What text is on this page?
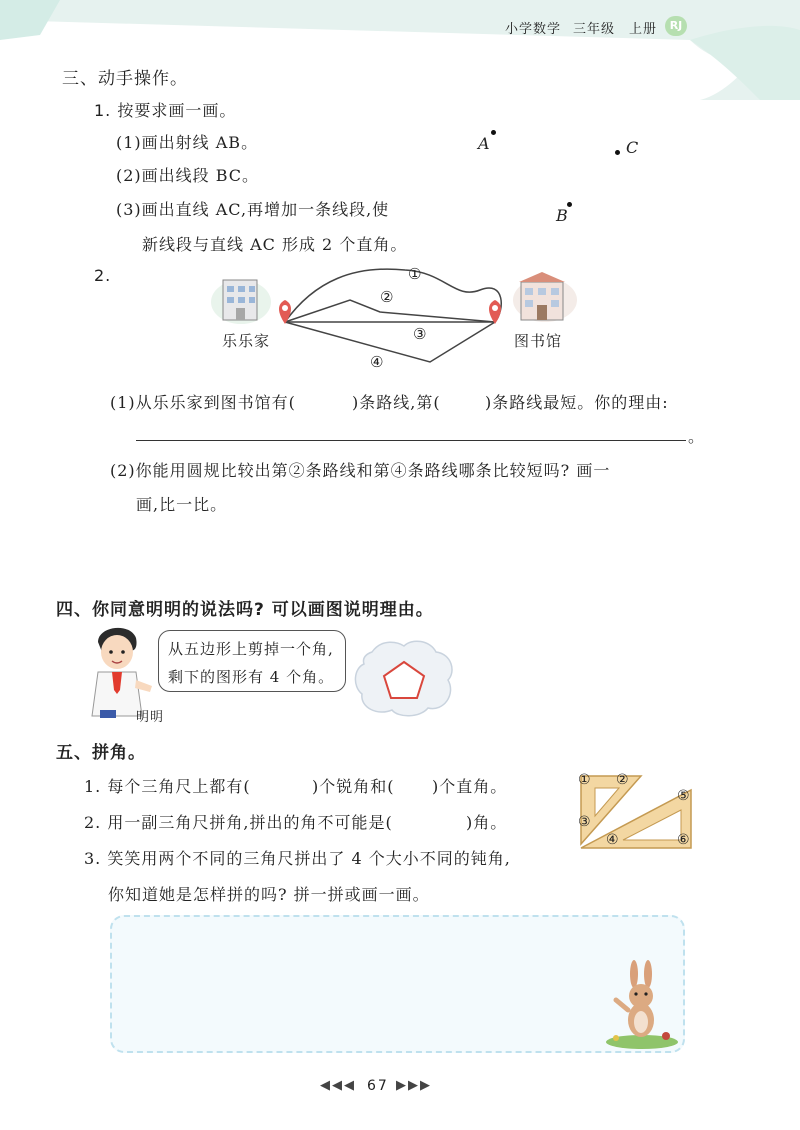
小学数学 三年级 上册	RJ
三、动手操作。
1. 按要求画一画。
(1)画出射线 AB。
(2)画出线段 BC。
(3)画出直线 AC,再增加一条线段,使
新线段与直线 AC 形成 2 个直角。
A	C
B
2.	①
②
③
④
乐乐家	图书馆
(1)从乐乐家到图书馆有(	)条路线,第(	)条路线最短。你的理由:
。
(2)你能用圆规比较出第②条路线和第④条路线哪条比较短吗? 画一
画,比一比。
四、你同意明明的说法吗? 可以画图说明理由。
从五边形上剪掉一个角,
剩下的图形有 4 个角。
明明
五、拼角。
1. 每个三角尺上都有(	)个锐角和( )个直角。
2. 用一副三角尺拼角,拼出的角不可能是(	)角。
3. 笑笑用两个不同的三角尺拼出了 4 个大小不同的钝角,
你知道她是怎样拼的吗? 拼一拼或画一画。
① ②
③
④
⑤
⑥
◀◀◀ 67 ▶▶▶
